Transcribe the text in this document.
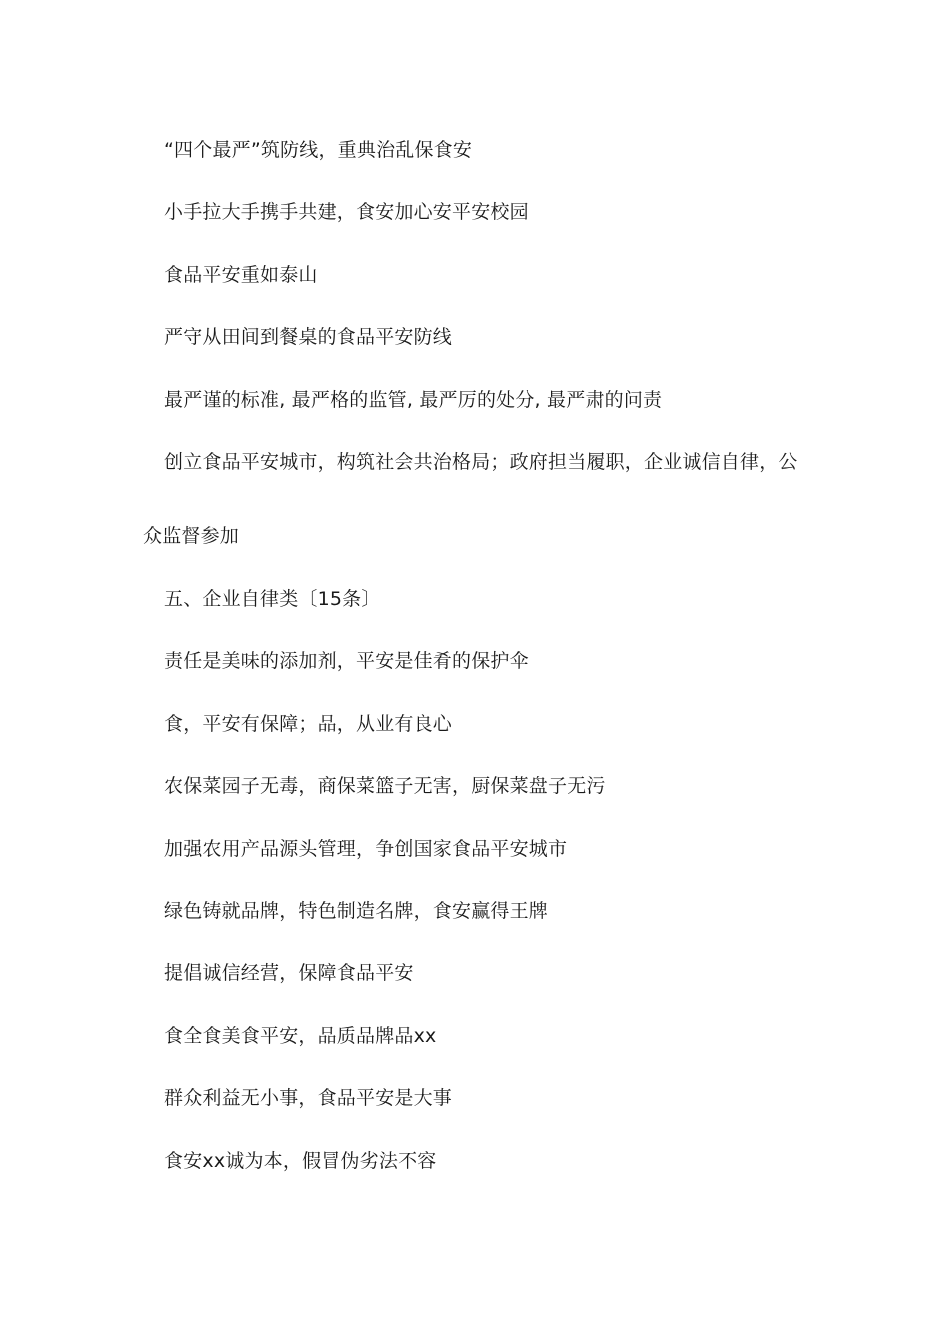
“四个最严”筑防线，重典治乱保食安
小手拉大手携手共建，食安加心安平安校园
食品平安重如泰山
严守从田间到餐桌的食品平安防线
最严谨的标准, 最严格的监管, 最严厉的处分, 最严肃的问责
创立食品平安城市，构筑社会共治格局；政府担当履职，企业诚信自律，公
众监督参加
五、企业自律类〔15条〕
责任是美味的添加剂，平安是佳肴的保护伞
食，平安有保障；品，从业有良心
农保菜园子无毒，商保菜篮子无害，厨保菜盘子无污
加强农用产品源头管理，争创国家食品平安城市
绿色铸就品牌，特色制造名牌，食安赢得王牌
提倡诚信经营，保障食品平安
食全食美食平安，品质品牌品xx
群众利益无小事，食品平安是大事
食安xx诚为本，假冒伪劣法不容
